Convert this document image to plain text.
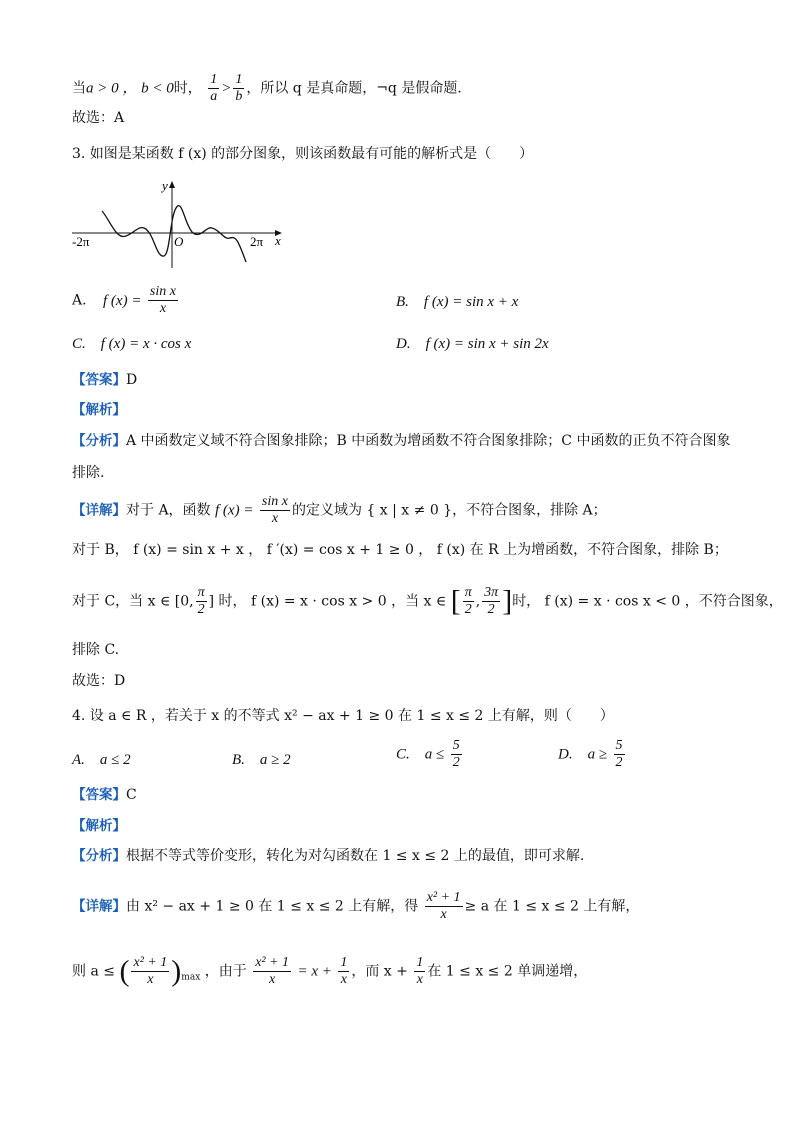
当a > 0 ， b < 0时， $\frac{1}{a} > \frac{1}{b}$ ，所以 q 是真命题，¬q 是假命题．
故选：A
3. 如图是某函数 f (x) 的部分图象，则该函数最有可能的解析式是（　　）
y
x
O
-2π	2π
A. f $(x) = \frac{\text{sin x}}{x}$	B.　f (x) = sin x + x
C.　f (x) = x · cos x	D.　f (x) = sin x + sin 2x
【答案】D
【解析】
【分析】A 中函数定义域不符合图象排除；B 中函数为增函数不符合图象排除；C 中函数的正负不符合图象
排除.
【详解】对于 A，函数 f $(x) = \frac{\text{sin x}}{x}$ 的定义域为 { x | x ≠ 0 }，不符合图象，排除 A；
对于 B， f (x) = sin x + x ， f ′(x) = cos x + 1 ≥ 0 ， f (x) 在 R 上为增函数，不符合图象，排除 B；
对于 C，当 x ∈ [0, $\frac{\pi}{2}$ ] 时， f (x) = x · cos x > 0 ，当 x ∈ [ $\frac{\pi}{2}$ , $\frac{3\pi}{2}$ ]时， f (x) = x · cos x < 0 ，不符合图象，
排除 C.
故选：D
4. 设 a ∈ R ，若关于 x 的不等式 x² − ax + 1 ≥ 0 在 1 ≤ x ≤ 2 上有解，则（　　）
A.　a ≤ 2	B.　a ≥ 2	C.　$a \le \frac{5}{2}$	D.　$a \ge \frac{5}{2}$
【答案】C
【解析】
【分析】根据不等式等价变形，转化为对勾函数在 1 ≤ x ≤ 2 上的最值，即可求解.
【详解】由 x² − ax + 1 ≥ 0 在 1 ≤ x ≤ 2 上有解，得 $\frac{\text{x² + 1}}{x} \ge a$ 在 1 ≤ x ≤ 2 上有解，
则 a ≤ ( $\frac{\text{x² + 1}}{x} )_{max}$ ，由于 $\frac{\text{x² + 1}}{x} = x + \frac{1}{x}$ ，而 $x + \frac{1}{x}$ 在 1 ≤ x ≤ 2 单调递增，
